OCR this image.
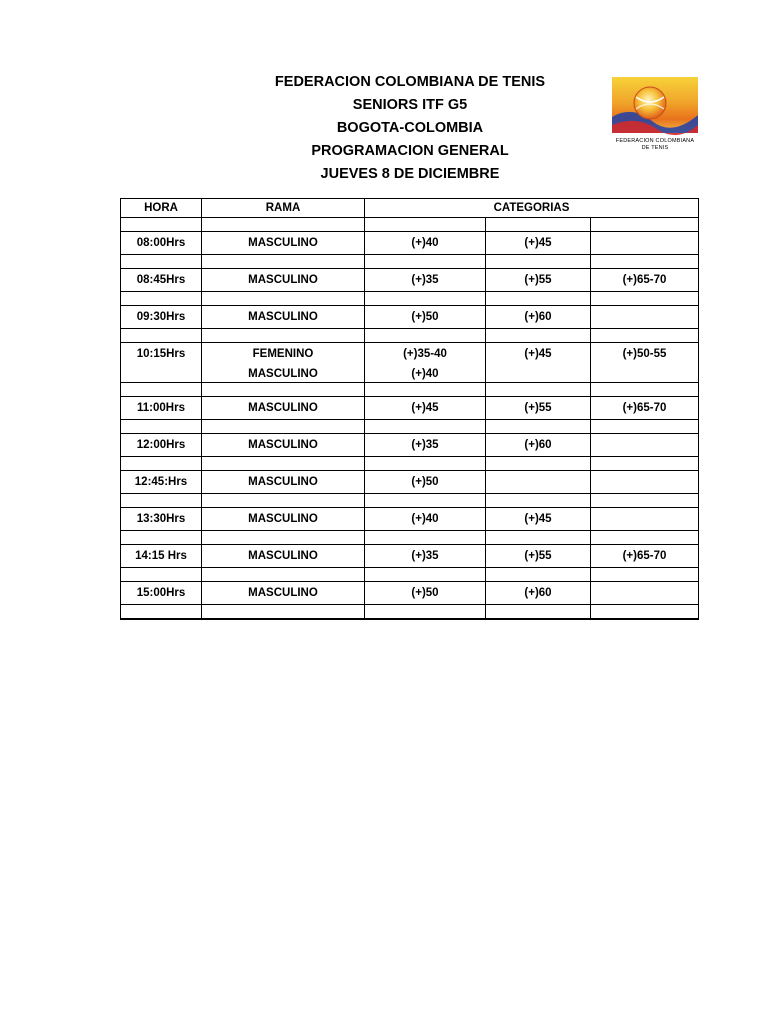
FEDERACION COLOMBIANA DE TENIS
SENIORS ITF G5
BOGOTA-COLOMBIA
PROGRAMACION GENERAL
JUEVES 8 DE DICIEMBRE
FEDERACION COLOMBIANA
DE TENIS
HORA	RAMA	CATEGORIAS		

08:00Hrs	MASCULINO	(+)40	(+)45	

08:45Hrs	MASCULINO	(+)35	(+)55	(+)65-70

09:30Hrs	MASCULINO	(+)50	(+)60	

10:15Hrs	FEMENINO	(+)35-40	(+)45	(+)50-55
	MASCULINO	(+)40		

11:00Hrs	MASCULINO	(+)45	(+)55	(+)65-70

12:00Hrs	MASCULINO	(+)35	(+)60	

12:45:Hrs	MASCULINO	(+)50		

13:30Hrs	MASCULINO	(+)40	(+)45	

14:15 Hrs	MASCULINO	(+)35	(+)55	(+)65-70

15:00Hrs	MASCULINO	(+)50	(+)60	
